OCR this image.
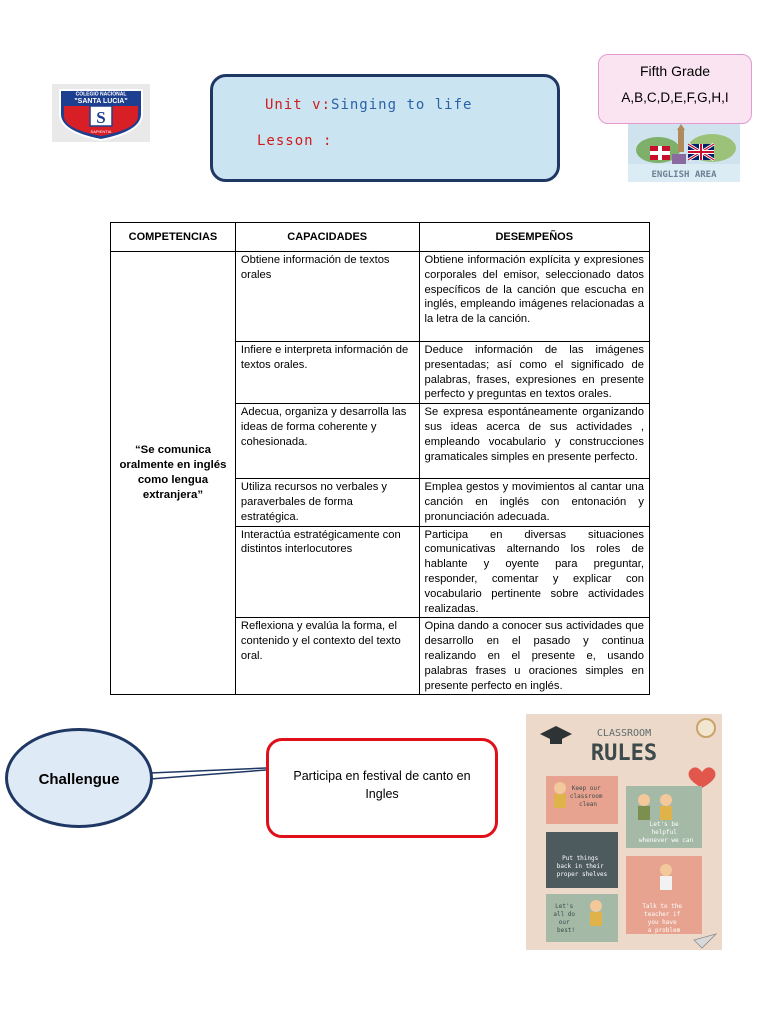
S
COLEGIO NACIONAL
"SANTA LUCIA"
SAPIENTIA
Unit v:Singing to life
Lesson :
Fifth Grade
A,B,C,D,E,F,G,H,I
ENGLISH AREA
COMPETENCIAS	CAPACIDADES	DESEMPEÑOS
“Se comunica oralmente en inglés como lengua extranjera”	Obtiene información de textos orales	Obtiene información explícita y expresiones corporales del emisor, seleccionado datos específicos de la canción que escucha en inglés, empleando imágenes relacionadas a la letra de la canción.
	Infiere e interpreta información de textos orales.	Deduce información de las imágenes presentadas; así como el significado de palabras, frases, expresiones en presente perfecto y preguntas en textos orales.
	Adecua, organiza y desarrolla las ideas de forma coherente y cohesionada.	Se expresa espontáneamente organizando sus ideas acerca de sus actividades , empleando vocabulario y construcciones gramaticales simples en presente perfecto.
	Utiliza recursos no verbales y paraverbales de forma estratégica.	Emplea gestos y movimientos al cantar una canción en inglés con entonación y pronunciación adecuada.
	Interactúa estratégicamente con distintos interlocutores	Participa en diversas situaciones comunicativas alternando los roles de hablante y oyente para preguntar, responder, comentar y explicar con vocabulario pertinente sobre actividades realizadas.
	Reflexiona y evalúa la forma, el contenido y el contexto del texto oral.	Opina dando a conocer sus actividades que desarrollo en el pasado y continua realizando en el presente e, usando palabras frases u oraciones simples en presente perfecto en inglés.
Challengue	Participa en festival de canto en Ingles
CLASSROOM
RULES
Keep our classroom clean
Let's be helpful whenever we can
Put things back in their proper shelves
Let's all do our best!
Talk to the teacher if you have a problem
